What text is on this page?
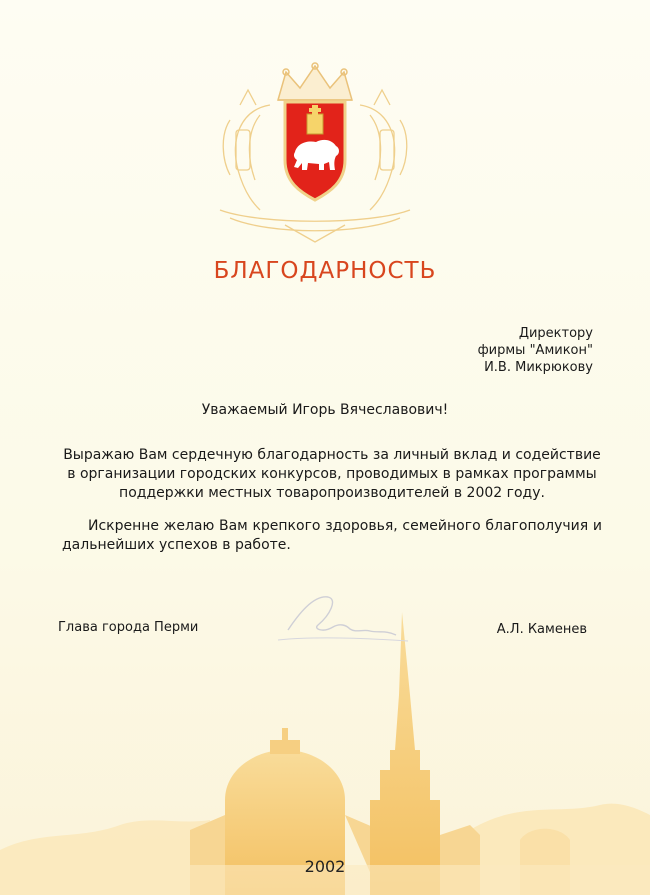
БЛАГОДАРНОСТЬ
Директору
фирмы "Амикон"
И.В. Микрюкову
Уважаемый Игорь Вячеславович!

Выражаю Вам сердечную благодарность за личный вклад и содействие в организации городских конкурсов, проводимых в рамках программы поддержки местных товаропроизводителей в 2002 году.

Искренне желаю Вам крепкого здоровья, семейного благополучия и дальнейших успехов в работе.

Глава города Перми	А.Л. Каменев
2002
